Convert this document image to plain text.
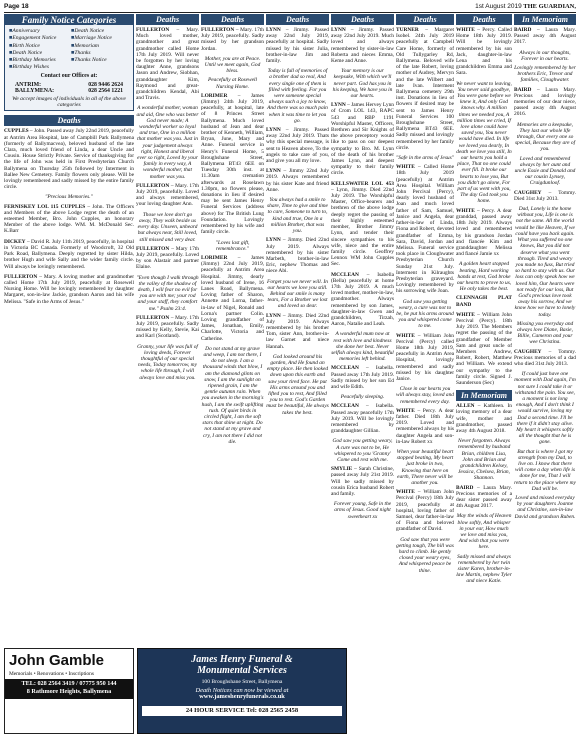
Page 18	1st August 2019 THE GUARDIAN,
Family Notice Categories
■ Anniversary	■ Death Notice
■ Engagement Notice	■ Marriage Notice
■ Birth Notice	■ Memoriam
■ Death Notice	■ Thanks
■ Birthday Memories	■ Thanks Notice
■ Birthday Wishes
Contact our Offices at:
ANTRIM:	028 9446 2624
BALLYMENA:	028 2564 1221
We accept images of individuals in all of the above categories
Deaths
CUPPLES – John. Passed away July 22nd 2019, peacefully at Antrim Area Hospital, late of Campbill Park Ballymena (formerly of Ballymacvea), beloved husband of the late Clara, much loved friend of Linda, a dear Uncle and Cousin. House Strictly Private. Service of thanksgiving for the life of John was held in First Presbyterian Church Ballymena on Thursday 25th followed by Interment in Ballee New Cemetery. Family flowers only please. Will be lovingly remembered and sadly missed by the entire family circle.
"Precious Memories."
FERNISKEY LOL 115 CUPPLES – John. The Officers and Members of the above Lodge regret the death of an esteemed Member, Bro. John Cupples, an honorary Member of the above lodge. WM. M. McDonald Sec. K.Barr
DICKEY – David R. July 11th 2019, peacefully, in hospital in Victoria BC Canada. Formerly of Woodcroft, 32 Old Park Road, Ballymena. Deeply regretted by sister Hilda, brother Hugh and wife Sally and the wider family circle. Will always be lovingly remembered.
FULLERTON – Mary. A loving mother and grandmother called Home 17th July 2019, peacefully at Rosewell Nursing Home. Will be lovingly remembered by daughter Margaret, son-in-law Jackie, grandson Aaron and his wife Melissa. "Safe in the Arms of Jesus."
Deaths
FULLERTON – Mary. Much loved mother, grandmother and great grandmother called Home 17th July 2019. Will never be forgotten by her loving daughter Anne, grandsons Jason and Andrew, Siobhan, granddaughter Kim, Raymond and great-grandchildren Kendal, Abi and Travis.
A wonderful mother, woman and aid, One who was better God never made; A wonderful worker so loyal and true, One in a million that mother was you. Just in your judgement always right, Honest and liberal ever so right, Loved by your family in every way, A wonderful mother, that mother was you.
FULLERTON – Mary. 17th July 2019, peacefully. Loved and always remembered, your loving daughter Ann.
Those we love don't go away, They walk beside us every day. Unseen, unheard but always near, Still loved, still missed and very dear.
FULLERTON – Mary 17th July 2019, peacefully. Loved by son Alastair and partner Elaine.
"Even though I walk through the valley of the shadow of death, I will fear no evil for you are with me; your rod and your staff, they comfort me." Psalm 23:4.
FULLERTON – Mary. 17th July 2019, peacefully. Sadly missed by Kelly, Stevie, Kai and Karl (Scotland).
Granny, your life was full of loving deeds, Forever thoughtful of our special needs, Today tomorrow, my whole life through, I will always love and miss you.
Deaths
FULLERTON – Mary. 17th July 2019, peacefully. Sadly missed by her grandson Jordan.
Mother, you are at Peace. Until we meet again, God bless.
Peacefully at Rosewell Nursing Home.
LORIMER – James (Jimmy) 24th July 2019, peacefully, at hospital, late of 8 Princes Street Ballymena. Much loved husband of Jean and dear brother of Kenneth, William, Bryan, June, Mary and Anne. Funeral service in Henry's Funeral Home, 5 Broughshane Street, Ballymena BT43 6EE on Tuesday 30th inst. at 11.30am cremation afterwards at Roselawn 1.30pm, no flowers please, donations in lieu if desired may be sent James Henry Funeral Services (address above) for The British Lung Foundation. Lovingly remembered by his wife and family circle.
"Loves last gift, remembrance."
LORIMER – James (Jimmy) 22nd July 2019, peacefully at Antrim Area Hospital. Jimmy, dearly loved husband of Irene, 16 Lanes Road, Ballymena. Loving father of Sharon, Annette and Lorna, father-in-law of Nigel, Ronald and Lorna's partner Colin. Loving grandfather of James, Jonathan, Emily, Charlotte, Victoria and Catherine.
Do not stand at my grave and weep, I am not there, I do not sleep. I am a thousand winds that blow, I am the diamond glints on snow, I am the sunlight on ripened grain, I am the gentle autumn rain. When you awaken in the morning's hush, I am the swift uplifting rush. Of quiet birds in circled flight, I am the soft stars that shine at night. Do not stand at my grave and cry, I am not there I did not die.
Deaths
LYNN – Jimmy. Passed away 22nd July 2019, peacefully at hospital. Sadly missed by his sister Julia, brother-in-law Jim and family.
Today is full of memories of a brother dad so real, And every single one of them is filled with feeling. For you were someone special always such a joy to know, And there was so much pain when it was time to let you go.
LYNN – Jimmy. Passed away 22nd July 2019. Thats why this special message, is sent to Heaven above, To the angels to take care of you, and give you all my love.
LYNN – Jimmy 22nd July 2019. Always remembered by his sister Kate and friend Anne.
You always had a smile to share, Time to give and time to care, Someone to turn to, kind and true, One in a million Brother, that was you.
LYNN – Jimmy. Died 22nd July 2019. Always remembered by his sister Marbeth, brother-in-law Eric, nephew Thomas and niece Abi.
Forget you we never will. In our hearts we love you still. Behind our smile is many tears, For a Brother we lost and loved so dear.
LYNN – Jimmy. Died 22nd July 2019. Always remembered by his brother Tom, sister Ann, brother-in-law Garnet and niece Hannah.
God looked around his garden, And He found an empty place. He then looked down upon this earth and saw your tired face. He put His arms around you and lifted you to rest, And filled you to rest. God's Garden must be beautiful, He always takes the best.
Deaths
LYNN – Jimmy. Passed away 22nd July 2019. Much loved and always remembered by sister-in-law Roberta and nieces Emma, Keme and Anne.
Your memory is our keepsake, With which we'll never part. God has you in his keeping, We have you in our hearts.
LYNN – James Hervey Lynn of Crom LOL 143, RAPC 543 and RBP 1191 Worshipful Master, Officers, Brethren and Sir Knights of the above preceptory would like to pass on our deepest sympathy to Bro. M. Lynn of the death of his brother James Lynn, and deepest sympathy to their family circle.
KELLSWATER LOL 453 – Lynn, Jimmy. Died 22nd July 2019. The Worshipful Master, Office-bearers and brethren of the above lodge deeply regret the passing of their highly esteemed member, Brother Jimmy Lynn, and tender their sincere sympathies to his wife, niece and the entire family circle. Geoffrey Lennox WM John Cupples Sec.
MCCLEAN – Isabella (Bella) peacefully at home 17th July 2019. A much loved mother, mother-in-law, grandmother. Always remembered by son James, daughter-in-law Gwen and grandchildren, Tirzah, Aaron, Natalie and Leah.
A wonderful mum now at rest with love and kindness she done her best. Never selfish always kind, beautiful memories left behind.
MCCLEAN – Isabella. Passed away 17th July 2019. Sadly missed by her son Ed and wife Edith.
Peacefully sleeping.
MCCLEAN – Isabella. Passed away peacefully 17th July 2019. Will be lovingly remembered by granddaughter Gillian.
God saw you getting weary, A cure was not to be, He whispered to you 'Granny' Come and rest with me.
SMYLIE – Sarah Christine, passed away July 21st 2019. Will be sadly missed by cousin Erica husband Robert and family.
Forever young, Safe in the arms of Jesus. Good night sweetheart xx
Deaths
TURNER – Margaret Isobel. 24th July 2019 peacefully at Campbell Care Home, formerly of Old Tullygarley Rd, Ballymena. Beloved wife of the late Robert, loving mother of Audrey, Mervyn and the late Wilbert and late Ivan. Interment Ballymena cemetery 29th inst. Donations in lieu of flowers if desired may be sent to James Henry Funeral Services 100 Broughshane Street, Ballymena BT43 6EE. Sadly missed and lovingly remembered by her family circle.
"Safe in the arms of Jesus"
WHITE – Called Home 18th July 2019 (peacefully) at Antrim Area Hospital. William John Percival (Percy), dearly loved husband of Joan and much loved father of Sam, Samuel, Janice and Angela, dear father-in-law of Linda, Fiona and Robert, devoted grandfather of Emma, Sara, David, Jordan and Melissa. Funeral service took place in Cloughwater Presbyterian Church Sunday 21st July. Interment in Kilraughts Presbyterian graveyard. Lovingly remembered by his sorrowing wife Joan.
God saw you getting weary, a cure was not to be, he put his arms around you and whispered come to me.
WHITE – William John Percival (Percy) called Home 18th July 2019, peacefully in Antrim Area Hospital, lovingly remembered and sadly missed by his daughter Janice.
Close in our hearts you will always stay, loved and remembered every day.
WHITE – Percy. A dear father. Died 18th July 2019. Loved and remembered always by his daughter Angela and son-in-law Robert xx
When your beautiful heart stopped beating, My heart just broke in two, Knowing that here on earth, There never will be another you.
WHITE – William John Percival (Percy) 18th July 2019, peacefully at hospital, loving father of Samuel, dear father-in-law of Fiona and beloved grandfather of David.
God saw that you were getting tough, The hill was hard to climb. He gently closed your weary eyes, And whispered peace be thine.
Deaths
WHITE – Percy. Called Home 18th July 2019. Will be lovingly remembered by his son Jack, daughter-in-law Lena and his grandchildren Emma and Sara.
We never want to leaving, You never said goodbye, You were gone before we knew it, And only God knows why. A million times we needed you, A million times we cried, If love alone could have saved you, You never would have died. In life we loved you dearly, In death we love you still, In our hearts you hold a place, That no one could ever fill. It broke our hearts to lose you, But you didn't go alone, For part of us went with you, The day God took you home.
WHITE – Percy. A dear granddad, passed away 18th July 2019. Always loved and remembered by his grandson Jordan and fiancée Kim and granddaughter Melissa and fiancé Jamie xx
A golden heart stopped beating, Hard working hands at rest, God broke our hearts to prove to us, He only takes the best.
CLENNAGH PLAT BAND
WHITE – William John Percival (Percy). 18th July 2019. The Members regret the passing of the grandfather of Member Sam and great uncle of Members Andrew, Robert, Robert, Matthew and William. We extend our sympathy to the family circle. Signed J. Saunderson (Sec)
In Memoriam
ALLEN – Kathleen. In loving memory of a dear wife, mother and grandmother, passed away 4th August 2018.
Never forgotten. Always remembered by husband Brian, children Lisa, John and Brian and grandchildren Kelsey, Jessica, Chelsea, Brian, Shannon.
BAIRD – Laura Mary. Precious memories of a dear sister passed away 4th August 2017.
May the winds of Heaven blow softly, And whisper in your ear, How much we love and miss you, And wish that you were here.
Sadly missed and always remembered by her twin sister Karen, brother-in-law Martin, nephew Tyler and niece Katie.
In Memoriam
BAIRD – Laura Mary. Passed away 4th August 2017.
Always in our thoughts, Forever in our hearts.
Lovingly remembered by her brothers Eric, Trevor and families, Cloughwater.
BAIRD – Laura Mary. Precious and lovingly memories of our dear niece, passed away 4th August 2016.
Memories are a keepsake, They last our whole life through, Our every one so special, Because they are of you.
Loved and remembered always by her aunt and uncle Essie and Donald and our cousin Lynsey, Craigdunloof.
CAUGHEY – Tommy. Died 31st July 2013.
Dad, Lonely is the home without you, Life is one is not the same. All the world would be like Heaven, If we could have you back again. What you suffered no one knows, But you did not deserve what you went through. Tired and weary you made no fuss, But tried so hard to stay with us. Our loss can only speak how we loved him, Our hearts were not ready for our loss, But God's precious love took away his sorrow, And we know how we have to lonely today.
Missing you everyday and always love Diane, Basie, Billie, Cameron and your wee Christina.
CAUGHEY – Tommy. Precious memories of a dad who died 31st July 2013.
If could just have one moment with Dad again, I'm not sure I could take it or withstand the pain. You see, a moment is not long enough, And I don't think I would survive, loving my Dad a second time. I'll be there if it didn't stay alive. My heart it whispers softly all the thought that he is gone.
But that is where I got my strength from my Dad, to live on. I know that there will come a day when life is done for me, That I will return to the place where my Dad will be.
Loved and missed everyday by your daughters Joanne and Christine, son-in-law David and grandson Ruben.
John Gamble
Memorials • Renovations • Inscriptions
TEL: 028 2564 3419 / 07775 950 144
8 Rathmore Heights, Ballymena
James Henry Funeral &
Monumental Services
100 Broughshane Street, Ballymena
Death Notices can now be viewed at
www.jameshenryfunerals.co.uk
24 HOUR SERVICE Tel: 028 2565 2458
